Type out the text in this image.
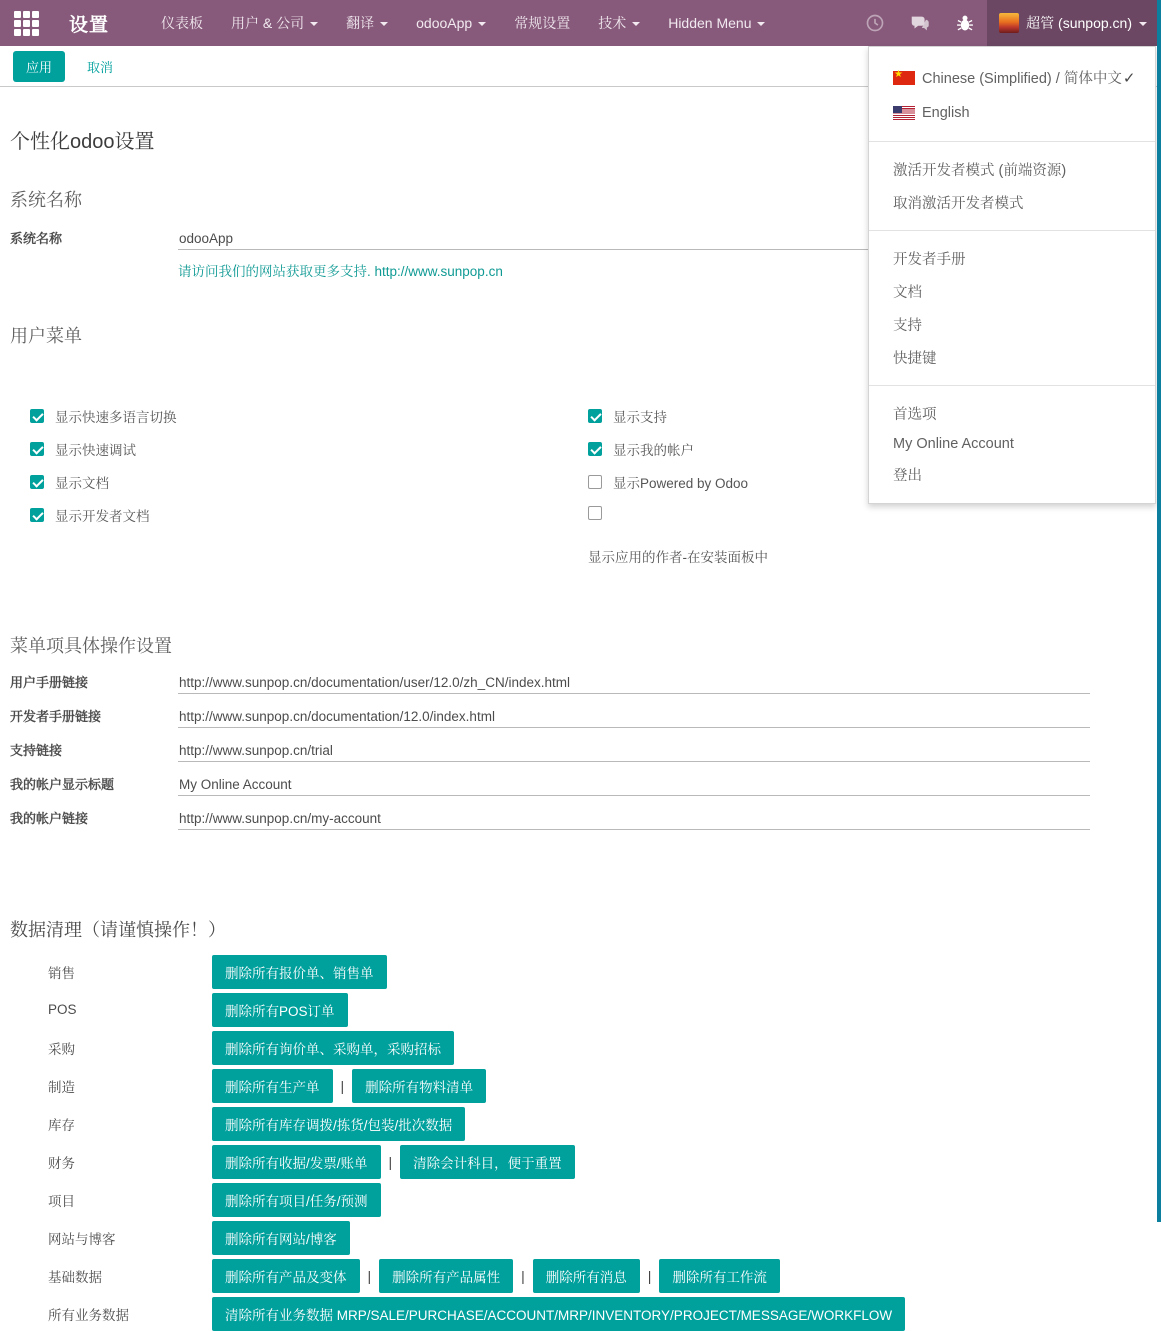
设置	仪表板 用户 & 公司	翻译	odooApp	常规设置 技术	Hidden Menu	超管 (sunpop.cn)
★ Chinese (Simplified) / 简体中文 ✓
English
激活开发者模式 (前端资源)
取消激活开发者模式
开发者手册
文档
支持
快捷键
首选项
My Online Account
登出
应用	取消
个性化odoo设置
系统名称
系统名称	odooApp
请访问我们的网站获取更多支持. http://www.sunpop.cn
用户菜单
显示快速多语言切换
显示快速调试
显示文档
显示开发者文档
显示支持
显示我的帐户
显示Powered by Odoo
显示应用的作者-在安装面板中
菜单项具体操作设置
用户手册链接	http://www.sunpop.cn/documentation/user/12.0/zh_CN/index.html
开发者手册链接	http://www.sunpop.cn/documentation/12.0/index.html
支持链接	http://www.sunpop.cn/trial
我的帐户显示标题	My Online Account
我的帐户链接	http://www.sunpop.cn/my-account
数据清理（请谨慎操作！）
销售	删除所有报价单、销售单
POS	删除所有POS订单
采购	删除所有询价单、采购单，采购招标
制造	删除所有生产单	|	删除所有物料清单
库存	删除所有库存调拨/拣货/包装/批次数据
财务	删除所有收据/发票/账单	|	清除会计科目，便于重置
项目	删除所有项目/任务/预测
网站与博客	删除所有网站/博客
基础数据	删除所有产品及变体	|	删除所有产品属性	|	删除所有消息	|	删除所有工作流
所有业务数据	清除所有业务数据 MRP/SALE/PURCHASE/ACCOUNT/MRP/INVENTORY/PROJECT/MESSAGE/WORKFLOW
